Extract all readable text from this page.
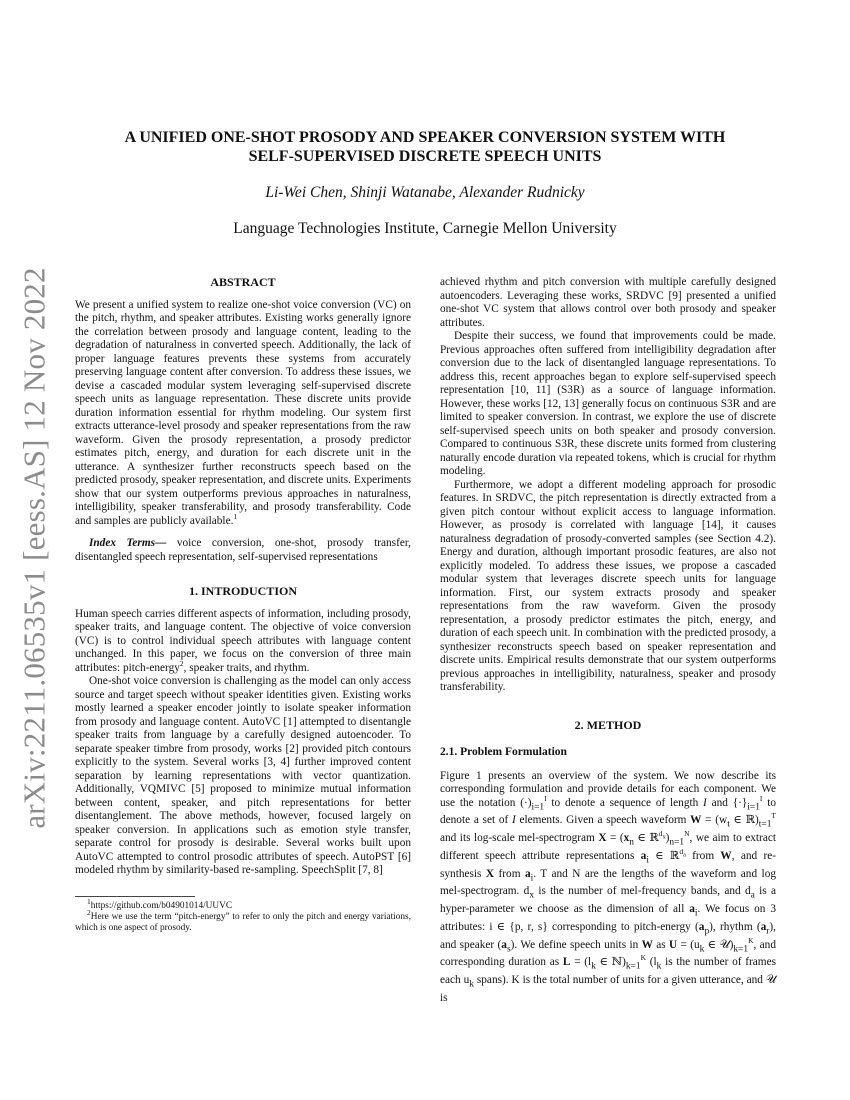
arXiv:2211.06535v1 [eess.AS] 12 Nov 2022
A UNIFIED ONE-SHOT PROSODY AND SPEAKER CONVERSION SYSTEM WITH
SELF-SUPERVISED DISCRETE SPEECH UNITS
Li-Wei Chen, Shinji Watanabe, Alexander Rudnicky
Language Technologies Institute, Carnegie Mellon University
ABSTRACT

We present a unified system to realize one-shot voice conversion (VC) on the pitch, rhythm, and speaker attributes. Existing works generally ignore the correlation between prosody and language content, leading to the degradation of naturalness in converted speech. Additionally, the lack of proper language features prevents these systems from accurately preserving language content after conversion. To address these issues, we devise a cascaded modular system leveraging self-supervised discrete speech units as language representation. These discrete units provide duration information essential for rhythm modeling. Our system first extracts utterance-level prosody and speaker representations from the raw waveform. Given the prosody representation, a prosody predictor estimates pitch, energy, and duration for each discrete unit in the utterance. A synthesizer further reconstructs speech based on the predicted prosody, speaker representation, and discrete units. Experiments show that our system outperforms previous approaches in naturalness, intelligibility, speaker transferability, and prosody transferability. Code and samples are publicly available.$^1$

Index Terms— voice conversion, one-shot, prosody transfer, disentangled speech representation, self-supervised representations

1. INTRODUCTION

Human speech carries different aspects of information, including prosody, speaker traits, and language content. The objective of voice conversion (VC) is to control individual speech attributes with language content unchanged. In this paper, we focus on the conversion of three main attributes: pitch-energy$^2$, speaker traits, and rhythm.

One-shot voice conversion is challenging as the model can only access source and target speech without speaker identities given. Existing works mostly learned a speaker encoder jointly to isolate speaker information from prosody and language content. AutoVC [1] attempted to disentangle speaker traits from language by a carefully designed autoencoder. To separate speaker timbre from prosody, works [2] provided pitch contours explicitly to the system. Several works [3, 4] further improved content separation by learning representations with vector quantization. Additionally, VQMIVC [5] proposed to minimize mutual information between content, speaker, and pitch representations for better disentanglement. The above methods, however, focused largely on speaker conversion. In applications such as emotion style transfer, separate control for prosody is desirable. Several works built upon AutoVC attempted to control prosodic attributes of speech. AutoPST [6] modeled rhythm by similarity-based re-sampling. SpeechSplit [7, 8]

$^1$https://github.com/b04901014/UUVC

$^2$Here we use the term “pitch-energy” to refer to only the pitch and energy variations, which is one aspect of prosody.

achieved rhythm and pitch conversion with multiple carefully designed autoencoders. Leveraging these works, SRDVC [9] presented a unified one-shot VC system that allows control over both prosody and speaker attributes.

Despite their success, we found that improvements could be made. Previous approaches often suffered from intelligibility degradation after conversion due to the lack of disentangled language representations. To address this, recent approaches began to explore self-supervised speech representation [10, 11] (S3R) as a source of language information. However, these works [12, 13] generally focus on continuous S3R and are limited to speaker conversion. In contrast, we explore the use of discrete self-supervised speech units on both speaker and prosody conversion. Compared to continuous S3R, these discrete units formed from clustering naturally encode duration via repeated tokens, which is crucial for rhythm modeling.

Furthermore, we adopt a different modeling approach for prosodic features. In SRDVC, the pitch representation is directly extracted from a given pitch contour without explicit access to language information. However, as prosody is correlated with language [14], it causes naturalness degradation of prosody-converted samples (see Section 4.2). Energy and duration, although important prosodic features, are also not explicitly modeled. To address these issues, we propose a cascaded modular system that leverages discrete speech units for language information. First, our system extracts prosody and speaker representations from the raw waveform. Given the prosody representation, a prosody predictor estimates the pitch, energy, and duration of each speech unit. In combination with the predicted prosody, a synthesizer reconstructs speech based on speaker representation and discrete units. Empirical results demonstrate that our system outperforms previous approaches in intelligibility, naturalness, speaker and prosody transferability.

2. METHOD
2.1. Problem Formulation

Figure 1 presents an overview of the system. We now describe its corresponding formulation and provide details for each component. We use the notation $(\cdot)_{i=1}^I$ to denote a sequence of length I and $\{\cdot\}_{i=1}^I$ to denote a set of I elements. Given a speech waveform $W = (w_t$ ∈ $ℝ)_{t=1}^T$ and its log-scale mel-spectrogram $X = (x_n$ ∈ $ℝ^{d_x})_{n=1}^N$, we aim to extract different speech attribute representations $a_i$ ∈ ℝ$^{d_a}$ from W, and re-synthesis X from $a_i$. T and N are the lengths of the waveform and log mel-spectrogram. $d_x$ is the number of mel-frequency bands, and $d_a$ is a hyper-parameter we choose as the dimension of all $a_i$. We focus on 3 attributes: i ∈ {p, r, s} corresponding to pitch-energy $(a_p)$, rhythm $(a_r)$, and speaker $(a_s)$. We define speech units in W as $U = (u_k$ ∈ $𝒰)_{k=1}^K$, and corresponding duration as $L = (l_k$ ∈ $ℕ)_{k=1}^K$ ($l_k$ is the number of frames each $u_k$ spans). K is the total number of units for a given utterance, and 𝒰 is
